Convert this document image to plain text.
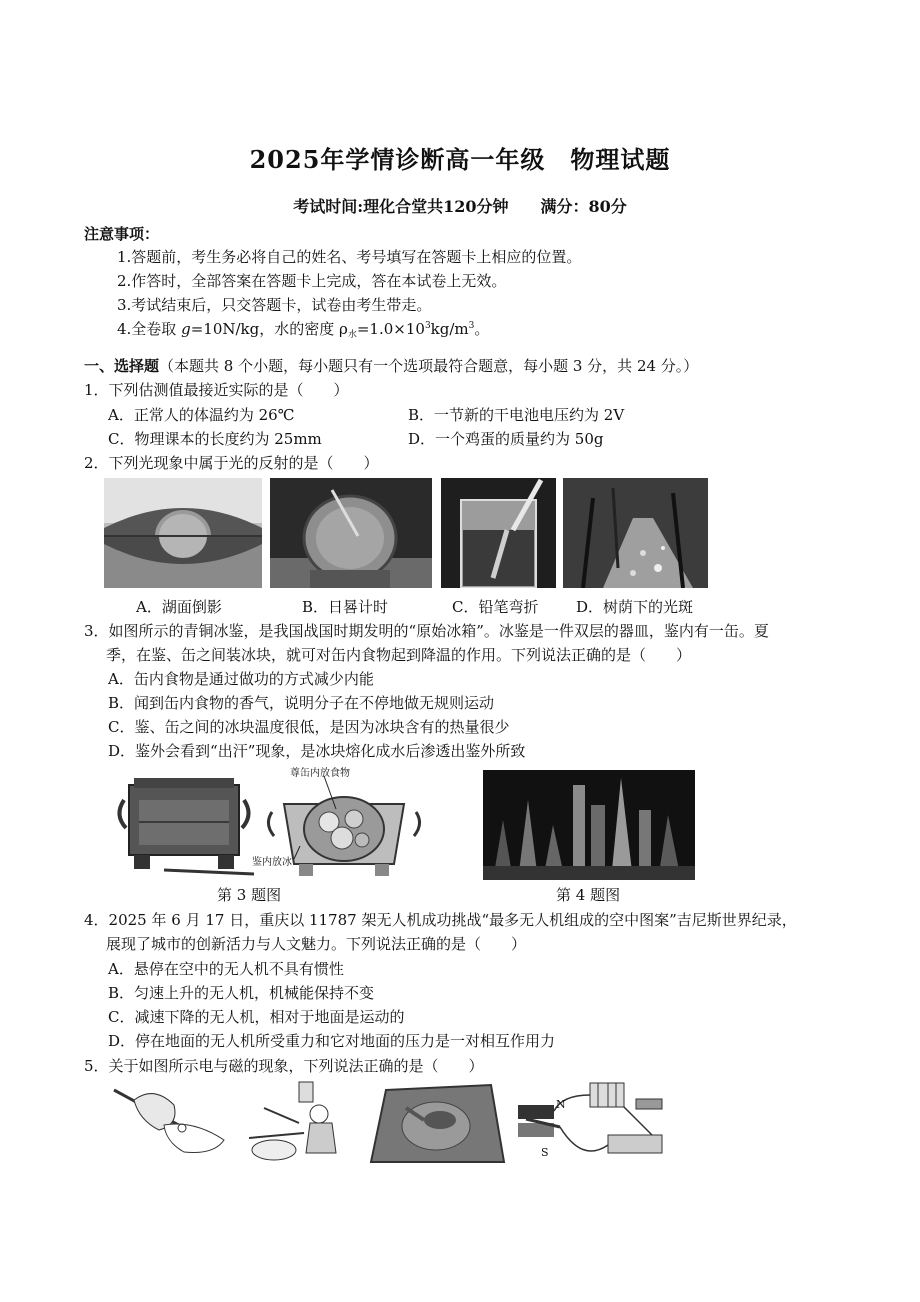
2025年学情诊断高一年级　物理试题
考试时间:理化合堂共120分钟　　满分：80分
注意事项：
1.答题前，考生务必将自己的姓名、考号填写在答题卡上相应的位置。
2.作答时，全部答案在答题卡上完成，答在本试卷上无效。
3.考试结束后，只交答题卡，试卷由考生带走。
4.全卷取 g=10N/kg，水的密度 $\rho_水=1.0\times 10^3kg/m^3$。
一、选择题（本题共 8 个小题，每小题只有一个选项最符合题意，每小题 3 分，共 24 分。）
1．下列估测值最接近实际的是（　　）
A．正常人的体温约为 26℃	B．一节新的干电池电压约为 2V
C．物理课本的长度约为 25mm	D．一个鸡蛋的质量约为 50g
2．下列光现象中属于光的反射的是（　　）
A．湖面倒影	B．日晷计时	C．铅笔弯折	D．树荫下的光斑
3．如图所示的青铜冰鉴，是我国战国时期发明的“原始冰箱”。冰鉴是一件双层的器皿，鉴内有一缶。夏
季，在鉴、缶之间装冰块，就可对缶内食物起到降温的作用。下列说法正确的是（　　）
A．缶内食物是通过做功的方式减少内能
B．闻到缶内食物的香气，说明分子在不停地做无规则运动
C．鉴、缶之间的冰块温度很低，是因为冰块含有的热量很少
D．鉴外会看到“出汗”现象，是冰块熔化成水后渗透出鉴外所致
尊缶内放食物
鉴内放冰
第 3 题图	第 4 题图
4．2025 年 6 月 17 日，重庆以 11787 架无人机成功挑战“最多无人机组成的空中图案”吉尼斯世界纪录，
展现了城市的创新活力与人文魅力。下列说法正确的是（　　）
A．悬停在空中的无人机不具有惯性
B．匀速上升的无人机，机械能保持不变
C．减速下降的无人机，相对于地面是运动的
D．停在地面的无人机所受重力和它对地面的压力是一对相互作用力
5．关于如图所示电与磁的现象，下列说法正确的是（　　）
N
S
